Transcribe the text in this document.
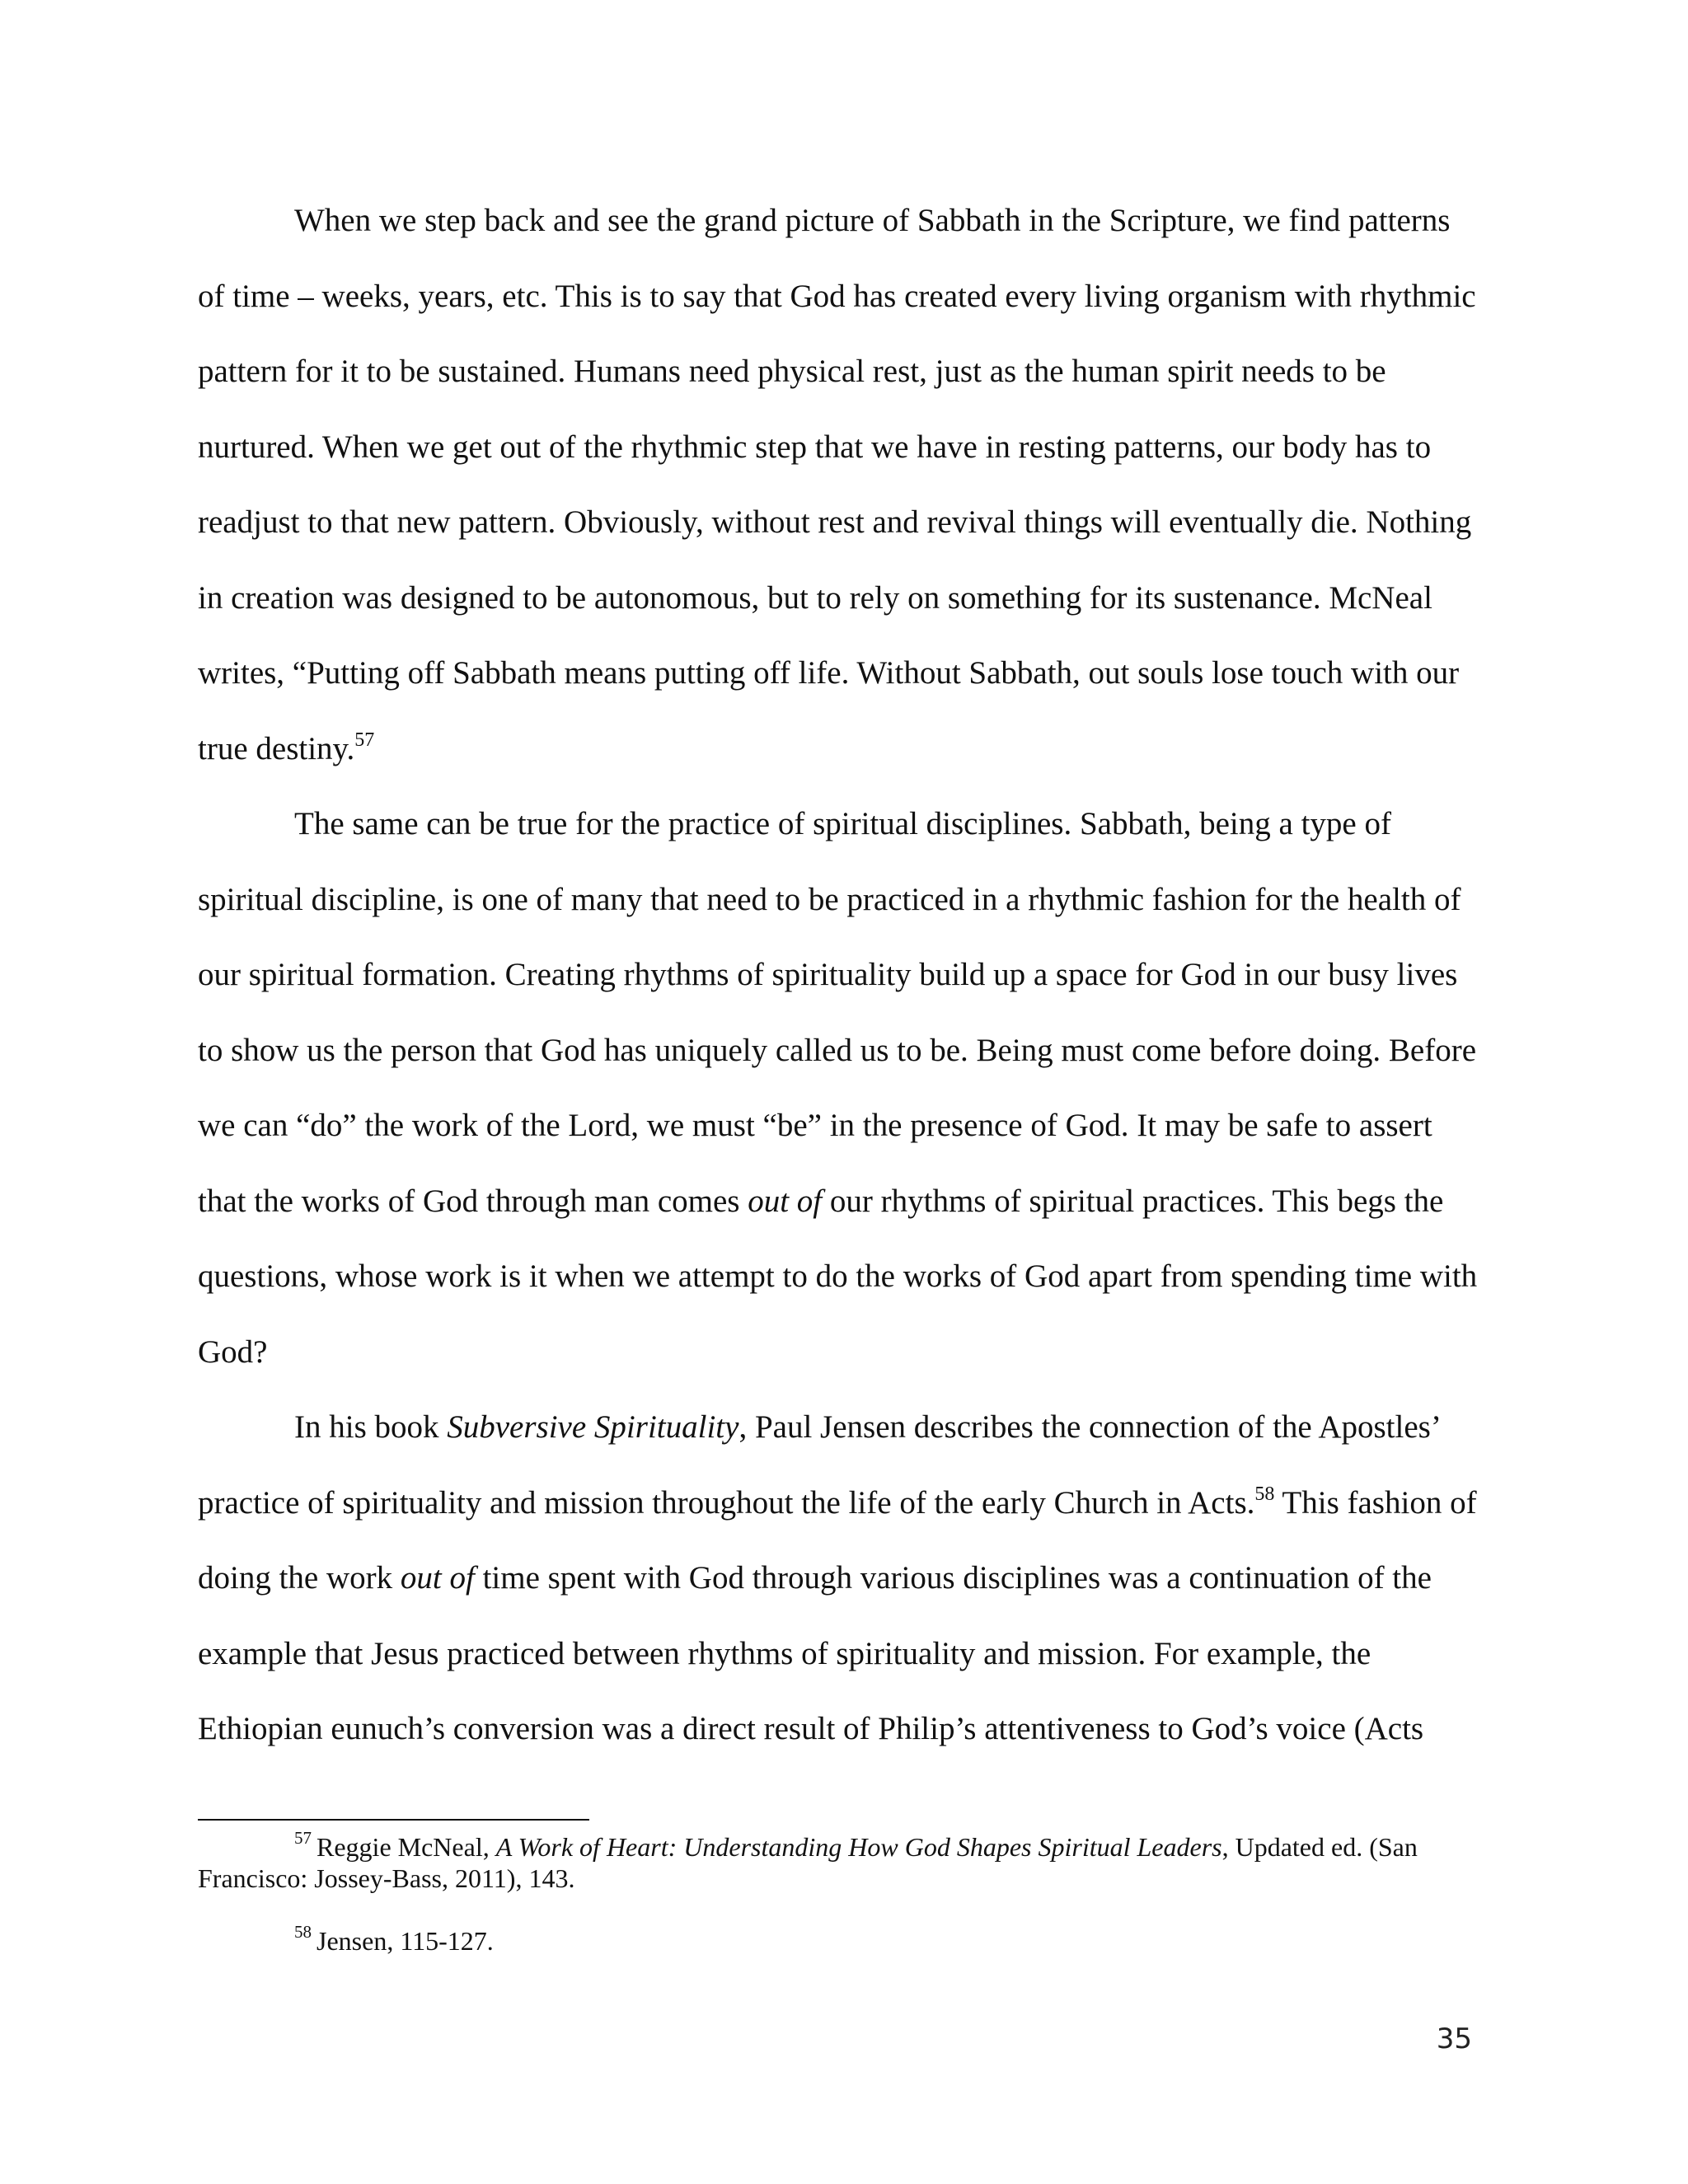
When we step back and see the grand picture of Sabbath in the Scripture, we find patterns of time – weeks, years, etc. This is to say that God has created every living organism with rhythmic pattern for it to be sustained. Humans need physical rest, just as the human spirit needs to be nurtured. When we get out of the rhythmic step that we have in resting patterns, our body has to readjust to that new pattern. Obviously, without rest and revival things will eventually die. Nothing in creation was designed to be autonomous, but to rely on something for its sustenance. McNeal writes, “Putting off Sabbath means putting off life. Without Sabbath, out souls lose touch with our true destiny.$^{57}$

The same can be true for the practice of spiritual disciplines. Sabbath, being a type of spiritual discipline, is one of many that need to be practiced in a rhythmic fashion for the health of our spiritual formation. Creating rhythms of spirituality build up a space for God in our busy lives to show us the person that God has uniquely called us to be. Being must come before doing. Before we can “do” the work of the Lord, we must “be” in the presence of God. It may be safe to assert that the works of God through man comes out of our rhythms of spiritual practices. This begs the questions, whose work is it when we attempt to do the works of God apart from spending time with God?

In his book Subversive Spirituality, Paul Jensen describes the connection of the Apostles’ practice of spirituality and mission throughout the life of the early Church in Acts.$^{58}$ This fashion of doing the work out of time spent with God through various disciplines was a continuation of the example that Jesus practiced between rhythms of spirituality and mission. For example, the Ethiopian eunuch’s conversion was a direct result of Philip’s attentiveness to God’s voice (Acts

$^{57}$ Reggie McNeal, A Work of Heart: Understanding How God Shapes Spiritual Leaders, Updated ed. (San Francisco: Jossey-Bass, 2011), 143.

$^{58}$ Jensen, 115-127.

35
